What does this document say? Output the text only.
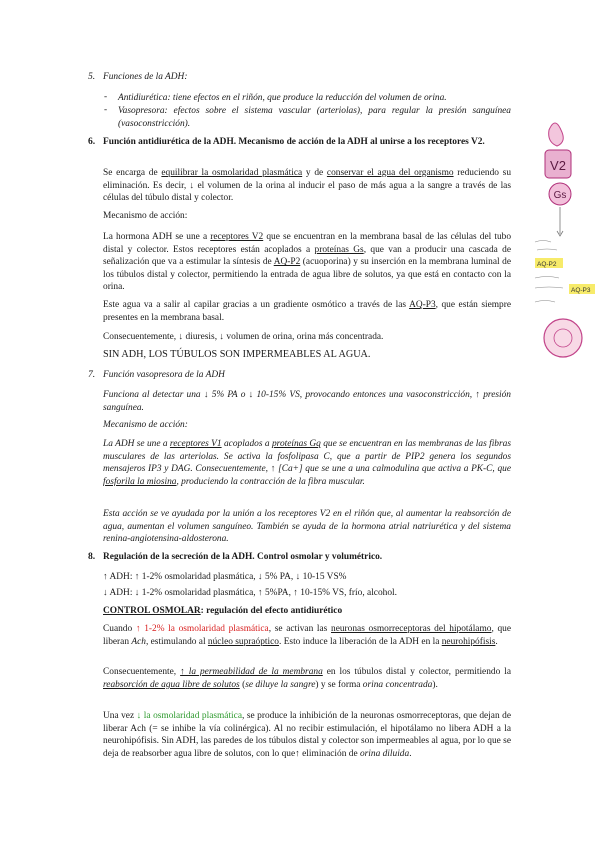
5. Funciones de la ADH:
- Antidiurética: tiene efectos en el riñón, que produce la reducción del volumen de orina.
- Vasopresora: efectos sobre el sistema vascular (arteriolas), para regular la presión sanguínea (vasoconstricción).
6. Función antidiurética de la ADH. Mecanismo de acción de la ADH al unirse a los receptores V2.
Se encarga de equilibrar la osmolaridad plasmática y de conservar el agua del organismo reduciendo su eliminación. Es decir, ↓ el volumen de la orina al inducir el paso de más agua a la sangre a través de las células del túbulo distal y colector.
Mecanismo de acción:
La hormona ADH se une a receptores V2 que se encuentran en la membrana basal de las células del tubo distal y colector. Estos receptores están acoplados a proteínas Gs, que van a producir una cascada de señalización que va a estimular la síntesis de AQ-P2 (acuoporina) y su inserción en la membrana luminal de los túbulos distal y colector, permitiendo la entrada de agua libre de solutos, ya que está en contacto con la orina.
Este agua va a salir al capilar gracias a un gradiente osmótico a través de las AQ-P3, que están siempre presentes en la membrana basal.
Consecuentemente, ↓ diuresis, ↓ volumen de orina, orina más concentrada.
SIN ADH, LOS TÚBULOS SON IMPERMEABLES AL AGUA.
7. Función vasopresora de la ADH
Funciona al detectar una ↓ 5% PA o ↓ 10-15% VS, provocando entonces una vasoconstricción, ↑ presión sanguínea.
Mecanismo de acción:
La ADH se une a receptores V1 acoplados a proteínas Gq que se encuentran en las membranas de las fibras musculares de las arteriolas. Se activa la fosfolipasa C, que a partir de PIP2 genera los segundos mensajeros IP3 y DAG. Consecuentemente, ↑ [Ca+] que se une a una calmodulina que activa a PK-C, que fosforila la miosina, produciendo la contracción de la fibra muscular.
Esta acción se ve ayudada por la unión a los receptores V2 en el riñón que, al aumentar la reabsorción de agua, aumentan el volumen sanguíneo. También se ayuda de la hormona atrial natriurética y del sistema renina-angiotensina-aldosterona.
8. Regulación de la secreción de la ADH. Control osmolar y volumétrico.
↑ ADH: ↑ 1-2% osmolaridad plasmática, ↓ 5% PA, ↓ 10-15 VS%
↓ ADH: ↓ 1-2% osmolaridad plasmática, ↑ 5%PA, ↑ 10-15% VS, frío, alcohol.
CONTROL OSMOLAR: regulación del efecto antidiurético
Cuando ↑ 1-2% la osmolaridad plasmática, se activan las neuronas osmorreceptoras del hipotálamo, que liberan Ach, estimulando al núcleo supraóptico. Esto induce la liberación de la ADH en la neurohipófisis.
Consecuentemente, ↑ la permeabilidad de la membrana en los túbulos distal y colector, permitiendo la reabsorción de agua libre de solutos (se diluye la sangre) y se forma orina concentrada).
Una vez ↓ la osmolaridad plasmática, se produce la inhibición de la neuronas osmorreceptoras, que dejan de liberar Ach (= se inhibe la vía colinérgica). Al no recibir estimulación, el hipotálamo no libera ADH a la neurohipófisis. Sin ADH, las paredes de los túbulos distal y colector son impermeables al agua, por lo que se deja de reabsorber agua libre de solutos, con lo que↑ eliminación de orina diluida.
V2
Gs
AQ-P2
AQ-P3
